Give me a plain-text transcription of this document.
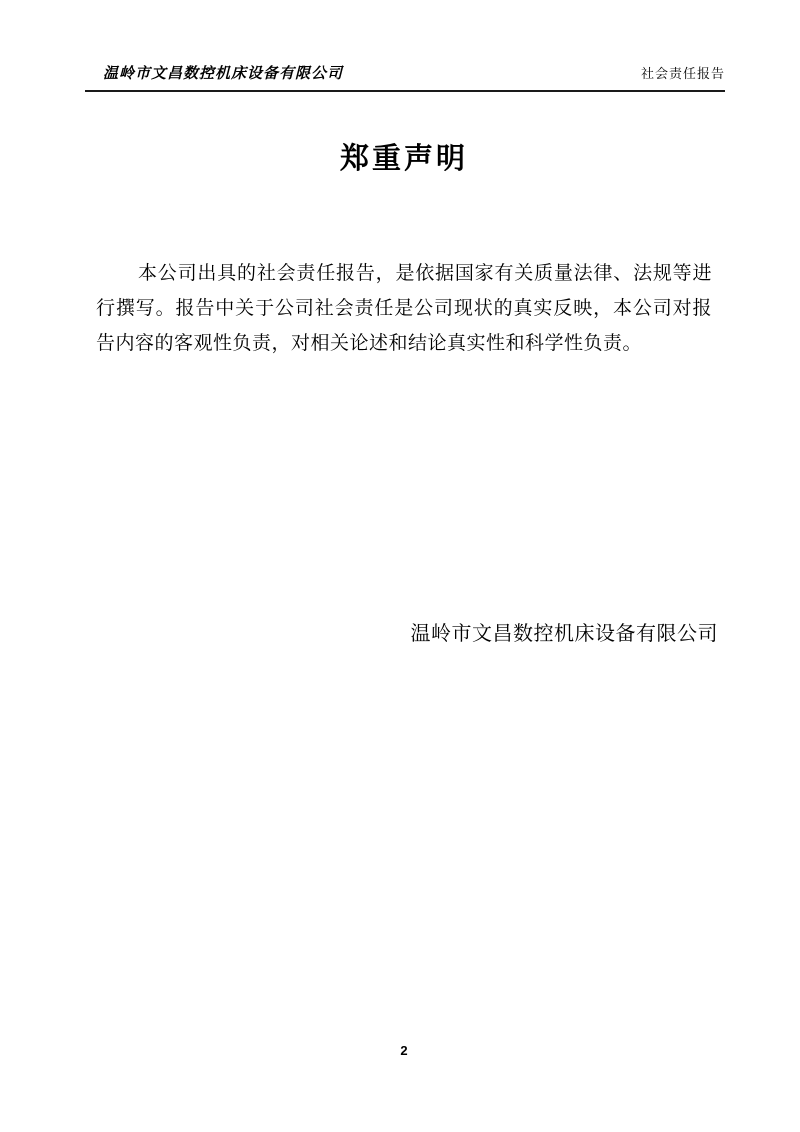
温岭市文昌数控机床设备有限公司	社会责任报告
郑重声明

本公司出具的社会责任报告，是依据国家有关质量法律、法规等进行撰写。报告中关于公司社会责任是公司现状的真实反映，本公司对报告内容的客观性负责，对相关论述和结论真实性和科学性负责。

温岭市文昌数控机床设备有限公司
2
